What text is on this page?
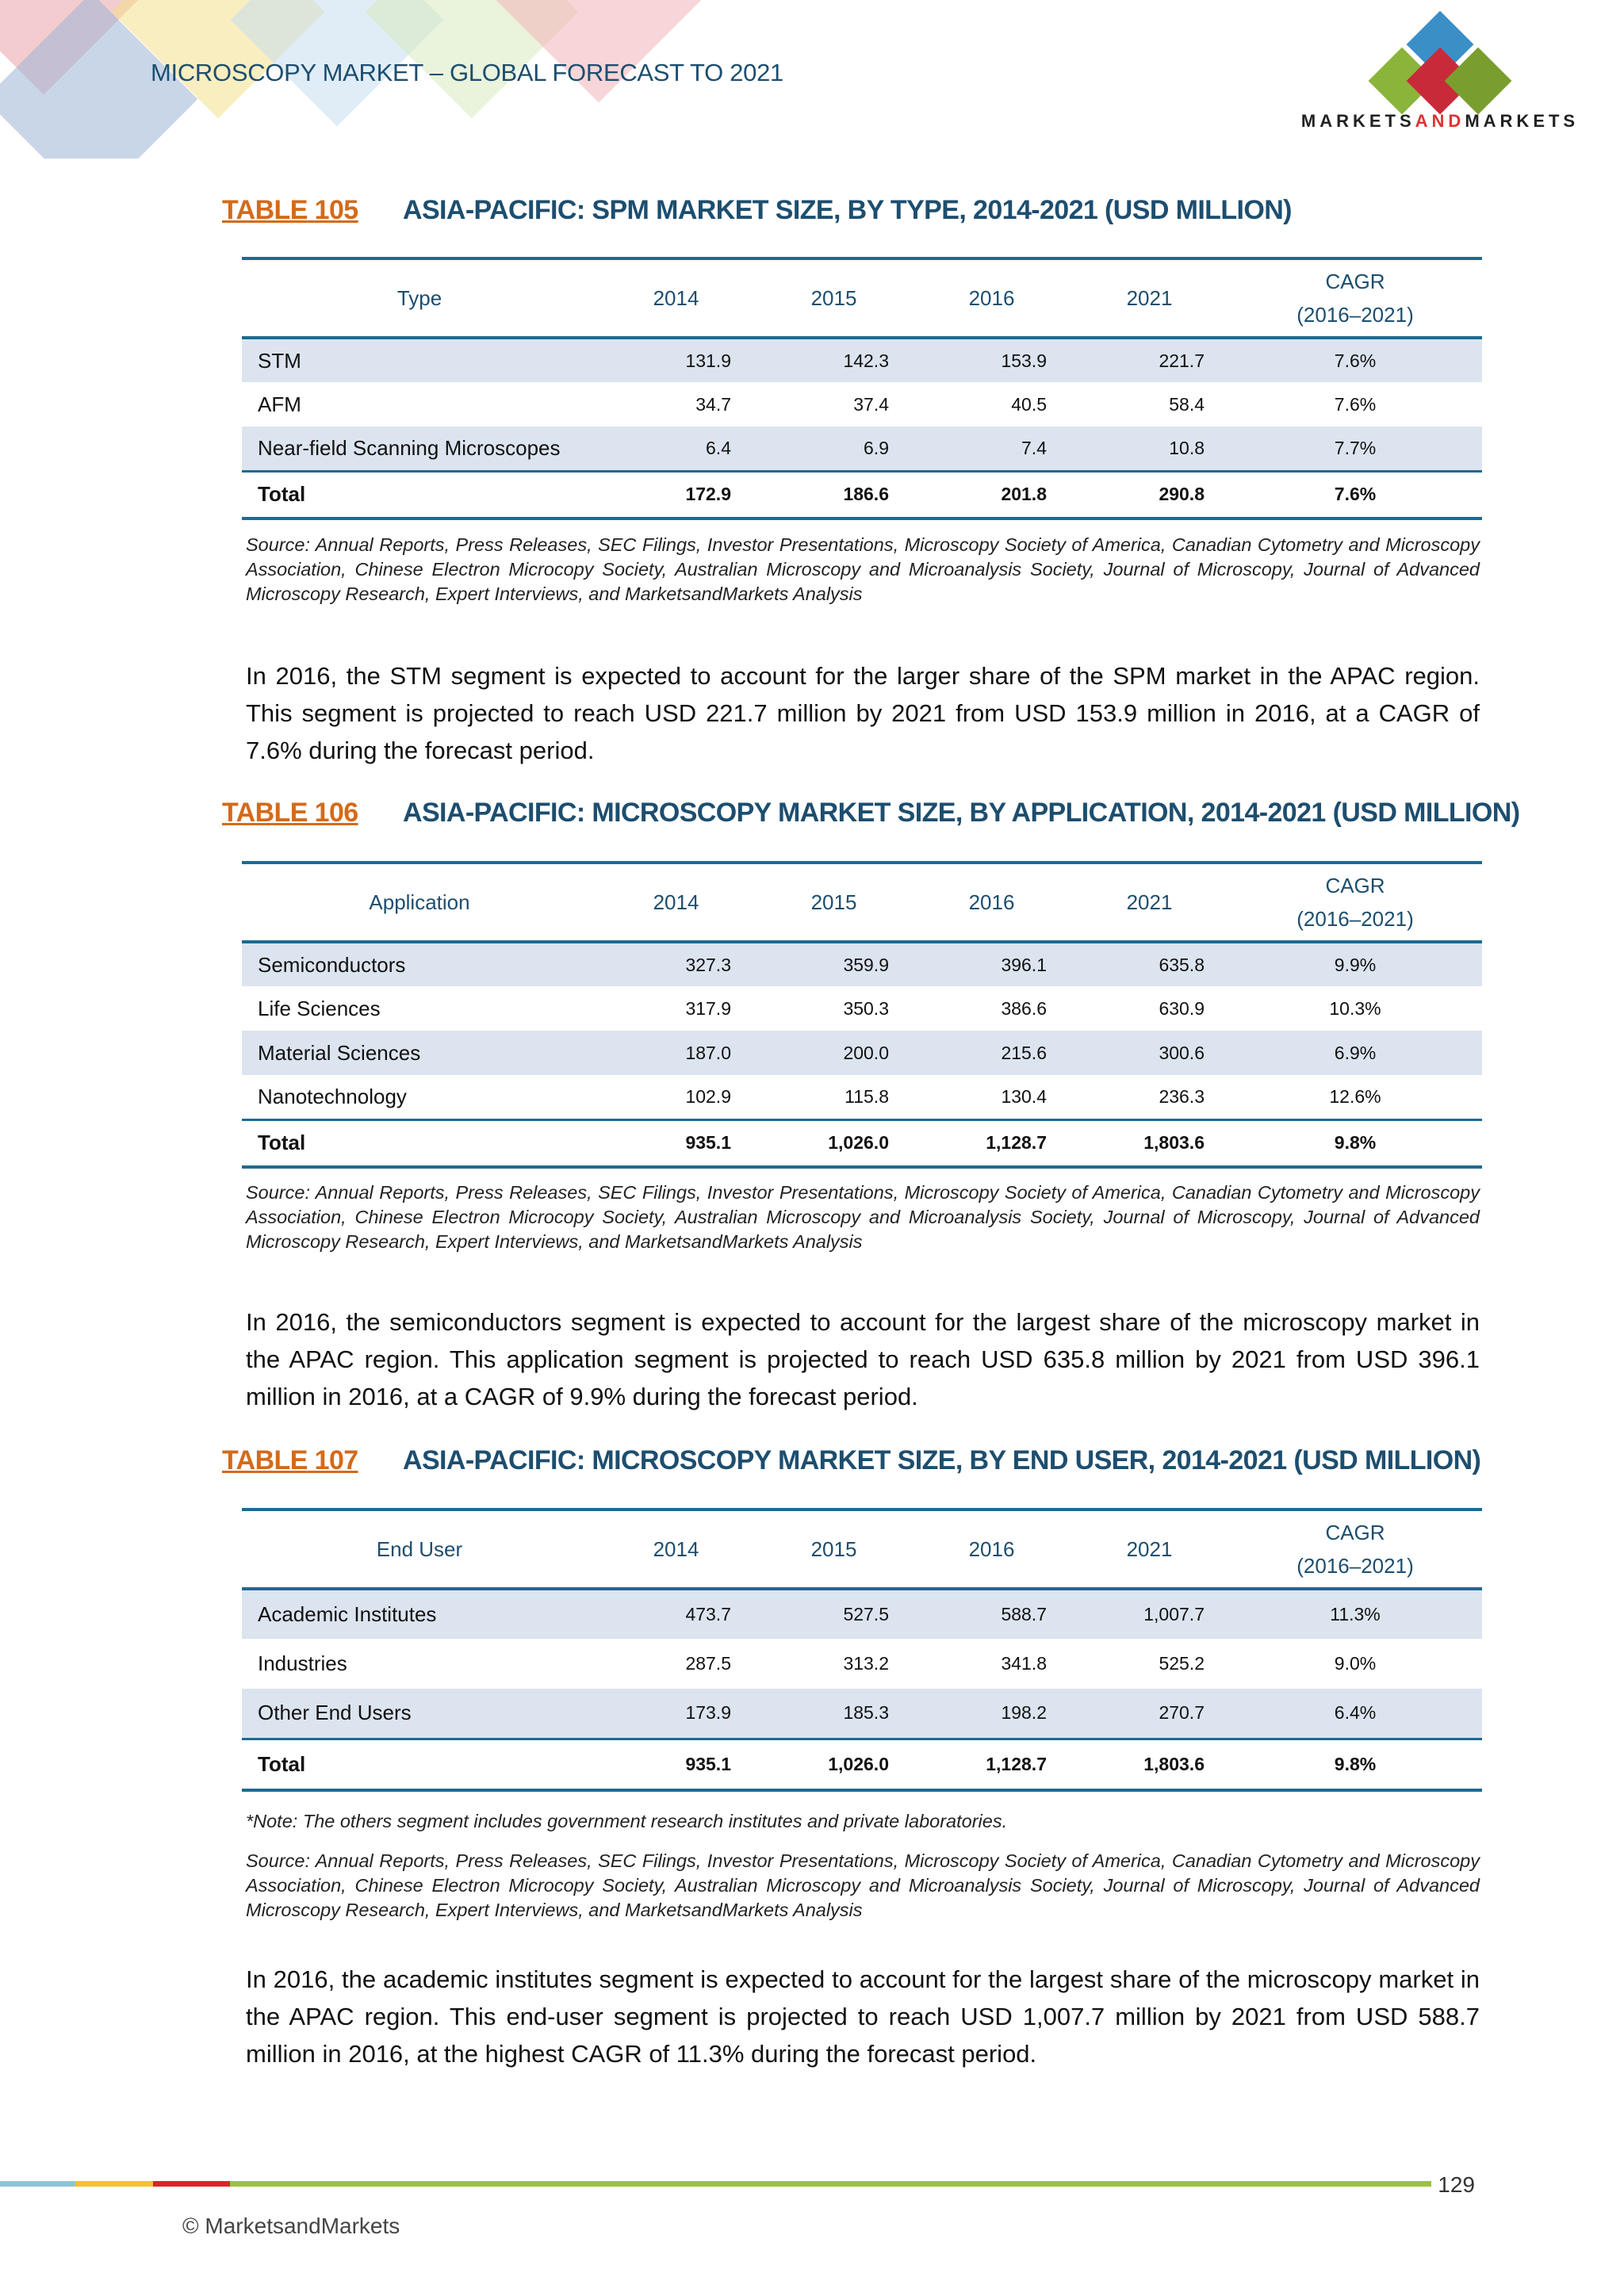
MICROSCOPY MARKET – GLOBAL FORECAST TO 2021
MARKETSANDMARKETS
TABLE 105 ASIA-PACIFIC: SPM MARKET SIZE, BY TYPE, 2014-2021 (USD MILLION)
Type	2014	2015	2016	2021	CAGR
(2016–2021)

STM	131.9	142.3	153.9	221.7	7.6%
AFM	34.7	37.4	40.5	58.4	7.6%
Near-field Scanning Microscopes	6.4	6.9	7.4	10.8	7.7%
Total	172.9	186.6	201.8	290.8	7.6%
Source: Annual Reports, Press Releases, SEC Filings, Investor Presentations, Microscopy Society of America, Canadian Cytometry and Microscopy Association, Chinese Electron Microcopy Society, Australian Microscopy and Microanalysis Society, Journal of Microscopy, Journal of Advanced Microscopy Research, Expert Interviews, and MarketsandMarkets Analysis
In 2016, the STM segment is expected to account for the larger share of the SPM market in the APAC region. This segment is projected to reach USD 221.7 million by 2021 from USD 153.9 million in 2016, at a CAGR of 7.6% during the forecast period.
TABLE 106 ASIA-PACIFIC: MICROSCOPY MARKET SIZE, BY APPLICATION, 2014-2021 (USD MILLION)
Application	2014	2015	2016	2021	CAGR
(2016–2021)

Semiconductors	327.3	359.9	396.1	635.8	9.9%
Life Sciences	317.9	350.3	386.6	630.9	10.3%
Material Sciences	187.0	200.0	215.6	300.6	6.9%
Nanotechnology	102.9	115.8	130.4	236.3	12.6%
Total	935.1	1,026.0	1,128.7	1,803.6	9.8%
Source: Annual Reports, Press Releases, SEC Filings, Investor Presentations, Microscopy Society of America, Canadian Cytometry and Microscopy Association, Chinese Electron Microcopy Society, Australian Microscopy and Microanalysis Society, Journal of Microscopy, Journal of Advanced Microscopy Research, Expert Interviews, and MarketsandMarkets Analysis
In 2016, the semiconductors segment is expected to account for the largest share of the microscopy market in the APAC region. This application segment is projected to reach USD 635.8 million by 2021 from USD 396.1 million in 2016, at a CAGR of 9.9% during the forecast period.
TABLE 107 ASIA-PACIFIC: MICROSCOPY MARKET SIZE, BY END USER, 2014-2021 (USD MILLION)
End User	2014	2015	2016	2021	CAGR
(2016–2021)

Academic Institutes	473.7	527.5	588.7	1,007.7	11.3%
Industries	287.5	313.2	341.8	525.2	9.0%
Other End Users	173.9	185.3	198.2	270.7	6.4%
Total	935.1	1,026.0	1,128.7	1,803.6	9.8%
*Note: The others segment includes government research institutes and private laboratories.
Source: Annual Reports, Press Releases, SEC Filings, Investor Presentations, Microscopy Society of America, Canadian Cytometry and Microscopy Association, Chinese Electron Microcopy Society, Australian Microscopy and Microanalysis Society, Journal of Microscopy, Journal of Advanced Microscopy Research, Expert Interviews, and MarketsandMarkets Analysis
In 2016, the academic institutes segment is expected to account for the largest share of the microscopy market in the APAC region. This end-user segment is projected to reach USD 1,007.7 million by 2021 from USD 588.7 million in 2016, at the highest CAGR of 11.3% during the forecast period.
129
© MarketsandMarkets
